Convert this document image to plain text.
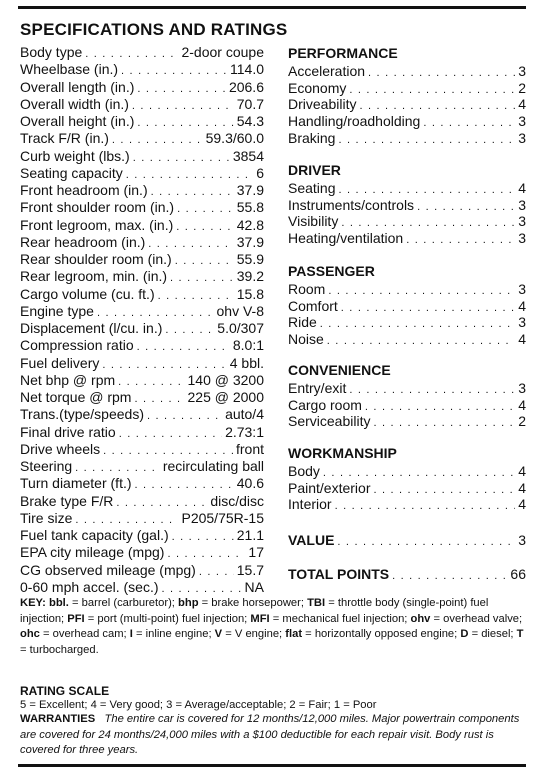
SPECIFICATIONS AND RATINGS
Body type . . .	2-door coupe
Wheelbase (in.) . . .	114.0
Overall length (in.) . . .	206.6
Overall width (in.) . . .	70.7
Overall height (in.) . . .	54.3
Track F/R (in.) . . .	59.3/60.0
Curb weight (lbs.) . . .	3854
Seating capacity . . .	6
Front headroom (in.) . . .	37.9
Front shoulder room (in.) . . .	55.8
Front legroom, max. (in.) . . .	42.8
Rear headroom (in.) . . .	37.9
Rear shoulder room (in.) . . .	55.9
Rear legroom, min. (in.) . . .	39.2
Cargo volume (cu. ft.) . . .	15.8
Engine type . . .	ohv V-8
Displacement (l/cu. in.) . . .	5.0/307
Compression ratio . . .	8.0:1
Fuel delivery . . .	4 bbl.
Net bhp @ rpm . . .	140 @ 3200
Net torque @ rpm . . .	225 @ 2000
Trans.(type/speeds) . . .	auto/4
Final drive ratio . . .	2.73:1
Drive wheels . . .	front
Steering . . .	recirculating ball
Turn diameter (ft.) . . .	40.6
Brake type F/R . . .	disc/disc
Tire size . . .	P205/75R-15
Fuel tank capacity (gal.) . . .	21.1
EPA city mileage (mpg) . . .	17
CG observed mileage (mpg) . . .	15.7
0-60 mph accel. (sec.) . . .	NA
PERFORMANCE
Acceleration . . .	3
Economy . . .	2
Driveability . . .	4
Handling/roadholding . . .	3
Braking . . .	3
DRIVER
Seating . . .	4
Instruments/controls . . .	3
Visibility . . .	3
Heating/ventilation . . .	3
PASSENGER
Room . . .	3
Comfort . . .	4
Ride . . .	3
Noise . . .	4
CONVENIENCE
Entry/exit . . .	3
Cargo room . . .	4
Serviceability . . .	2
WORKMANSHIP
Body . . .	4
Paint/exterior . . .	4
Interior . . .	4
VALUE . . .	3
TOTAL POINTS . . .	66
KEY: bbl. = barrel (carburetor); bhp = brake horsepower; TBI = throttle body (single-point) fuel injection; PFI = port (multi-point) fuel injection; MFI = mechanical fuel injection; ohv = overhead valve; ohc = overhead cam; I = inline engine; V = V engine; flat = horizontally opposed engine; D = diesel; T = turbocharged.
RATING SCALE
5 = Excellent; 4 = Very good; 3 = Average/acceptable; 2 = Fair; 1 = Poor
WARRANTIES The entire car is covered for 12 months/12,000 miles. Major powertrain components are covered for 24 months/24,000 miles with a $100 deductible for each repair visit. Body rust is covered for three years.
